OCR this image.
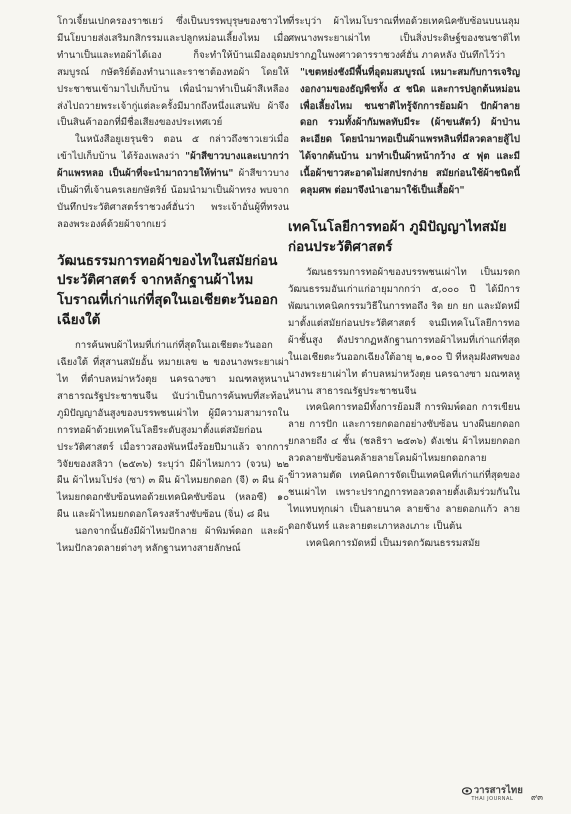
โกวเจี้ยนเปกครองราชเยว่ ซึ่งเป็นบรรพบุรุษของชาวไท มีนโยบายส่งเสริมกสิกรรมและปลูกหม่อนเลี้ยงไหม เมื่อทำนาเป็นและทอผ้าได้เอง ก็จะทำให้บ้านเมืองอุดมสมบูรณ์ กษัตริย์ต้องทำนาและราชาต้องทอผ้า โดยให้ประชาชนเข้ามาไปเก็บบ้าน เพื่อนำมาทำเป็นผ้าสีเหลือง ส่งไปถวายพระเจ้ากู่แต่ละครั้งมีมากถึงหนึ่งแสนพับ ผ้าจึงเป็นสินค้าออกที่มีชื่อเสียงของประเทศเวย์

ในหนังสือยูเยรุนชิว ตอน ๕ กล่าวถึงชาวเยว่เมื่อเข้าไปเก็บบ้าน ได้ร้องเพลงว่า "ผ้าสีขาวบางและเบากว่าผ้าแพรหลอ เป็นผ้าที่จะนำมาถวายให้ท่าน" ผ้าสีขาวบางเป็นผ้าที่เจ้านครเลยกษัตริย์ น้อมนำมาเป็นผ้าทรง พบจากบันทึกประวัติศาสตร์ราชวงศ์ฮั่นว่า พระเจ้าอั่นผู้ที่ทรงนลองพระองค์ด้วยผ้าจากเยว่

วัฒนธรรมการทอผ้าของไทในสมัยก่อนประวัติศาสตร์ จากหลักฐานผ้าไหมโบราณที่เก่าแก่ที่สุดในเอเชียตะวันออกเฉียงใต้

การค้นพบผ้าไหมที่เก่าแก่ที่สุดในเอเชียตะวันออกเฉียงใต้ ที่สุสานสมัยอั้น หมายเลข ๒ ของนางพระยาเผ่าไท ที่ตำบลหม่าหวังตุย นครฉางซา มณฑลหูหนาน สาธารณรัฐประชาชนจีน นับว่าเป็นการค้นพบที่สะท้อนภูมิปัญญาอันสูงของบรรพชนเผ่าไท ผู้มีความสามารถในการทอผ้าด้วยเทคโนโลยีระดับสูงมาตั้งแต่สมัยก่อนประวัติศาสตร์ เมื่อราวสองพันหนึ่งร้อยปีมาแล้ว จากการวิจัยของสลิวา (๒๕๓๖) ระบุว่า มีผ้าไหมกาว (จวน) ๒๒ ผืน ผ้าไหมโปร่ง (ซา) ๓ ผืน ผ้าไหมยกดอก (จี) ๓ ผืน ผ้าไหมยกดอกซับซ้อนทอด้วยเทคนิคซับซ้อน (หลอซี) ๑๐ ผืน และผ้าไหมยกดอกโครงสร้างซับซ้อน (จิ่น) ๘ ผืน

นอกจากนั้นยังมีผ้าไหมปักลาย ผ้าพิมพ์ดอก และผ้าไหมปักลวดลายต่างๆ หลักฐานทางสายลักษณ์

ที่ระบุว่า ผ้าไหมโบราณที่ทอด้วยเทคนิคซับซ้อนบนนลุมศพนางพระยาเผ่าไท เป็นสิ่งประดิษฐ์ของชนชาติไท ปรากฏในพงศาวดารราชวงศ์ฮั่น ภาคหลัง บันทึกไว้ว่า

"เขตหย่งชังมีพื้นที่อุดมสมบูรณ์ เหมาะสมกับการเจริญงอกงามของธัญพืชทั้ง ๕ ชนิด และการปลูกต้นหม่อนเพื่อเลี้ยงไหม ชนชาติไทรู้จักการย้อมผ้า ปักผ้าลายดอก รวมทั้งผ้ากัมพลทับมีระ (ผ้าขนสัตว์) ผ้าป่านละเอียด โดยนำมาทอเป็นผ้าแพรหลินที่มีลวดลายสู้ไปได้จากต้นบ้าน มาทำเป็นผ้าหน้ากว้าง ๕ ฟุต และมีเนื้อผ้าขาวสะอาดไม่สกปรกง่าย สมัยก่อนใช้ผ้าชนิดนี้คลุมศพ ต่อมาจึงนำเอามาใช้เป็นเสื้อผ้า"

เทคโนโลยีการทอผ้า ภูมิปัญญาไทสมัยก่อนประวัติศาสตร์

วัฒนธรรมการทอผ้าของบรรพชนเผ่าไท เป็นมรดกวัฒนธรรมอันเก่าแก่อายุมากกว่า ๕,๐๐๐ ปี ได้มีการพัฒนาเทคนิคกรรมวิธีในการทอถึง ริด ยก ยก และมัดหมี่ มาตั้งแต่สมัยก่อนประวัติศาสตร์ จนมีเทคโนโลยีการทอผ้าชั้นสูง ดังปรากฏหลักฐานการทอผ้าไหมที่เก่าแก่ที่สุดในเอเชียตะวันออกเฉียงใต้อายุ ๒,๑๐๐ ปี ที่หลุมฝังศพของนางพระยาเผ่าไท ตำบลหม่าหวังตุย นครฉางซา มณฑลหูหนาน สาธารณรัฐประชาชนจีน

เทคนิคการทอมีทั้งการย้อมสี การพิมพ์ดอก การเขียนลาย การปัก และการยกดอกอย่างซับซ้อน บางผืนยกดอกยกลายถึง ๔ ชั้น (ชลธิรา ๒๕๓๖) ดังเช่น ผ้าไหมยกดอกลวดลายซับซ้อนคล้ายลายโคมผ้าไหมยกดอกลายข้าวหลามตัด เทคนิคการจัดเป็นเทคนิคที่เก่าแก่ที่สุดของชนเผ่าไท เพราะปรากฏการทอลวดลายตั้งเดิมร่วมกันในไทแทบทุกเผ่า เป็นลายนาค ลายช้าง ลายดอกแก้ว ลายดอกจันทร์ และลายตะเภาหลงเภาะ เป็นต้น

เทคนิคการมัดหมี่ เป็นมรดกวัฒนธรรมสมัย

วารสารไทย
THAI JOURNAL ๙๓
